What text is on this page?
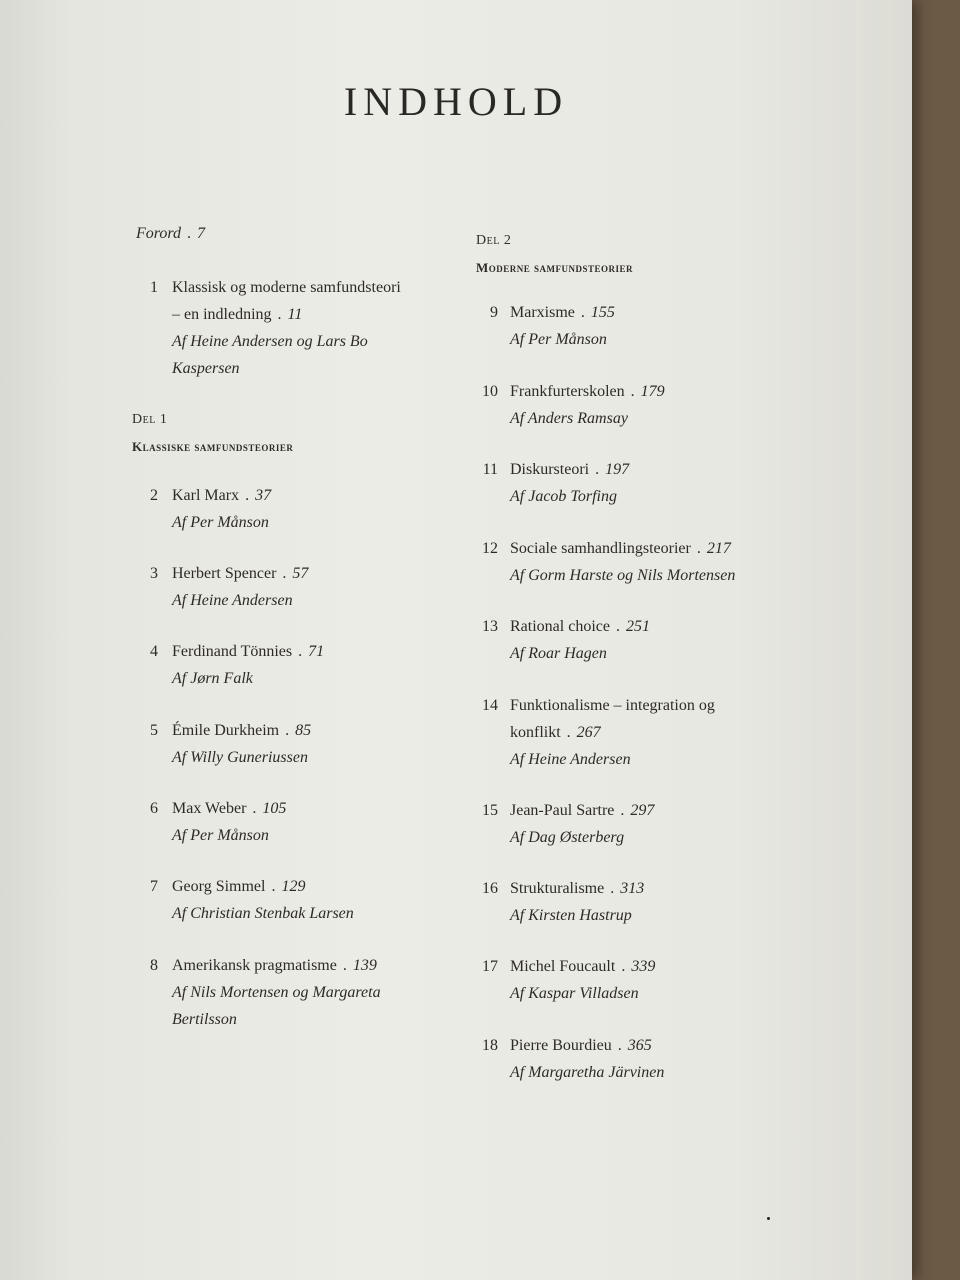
INDHOLD
Forord . 7
1 Klassisk og moderne samfundsteori
– en indledning . 11
Af Heine Andersen og Lars Bo
Kaspersen
Del 1
Klassiske samfundsteorier
2 Karl Marx . 37
Af Per Månson
3 Herbert Spencer . 57
Af Heine Andersen
4 Ferdinand Tönnies . 71
Af Jørn Falk
5 Émile Durkheim . 85
Af Willy Guneriussen
6 Max Weber . 105
Af Per Månson
7 Georg Simmel . 129
Af Christian Stenbak Larsen
8 Amerikansk pragmatisme . 139
Af Nils Mortensen og Margareta
Bertilsson
Del 2
Moderne samfundsteorier
9 Marxisme . 155
Af Per Månson
10 Frankfurterskolen . 179
Af Anders Ramsay
11 Diskursteori . 197
Af Jacob Torfing
12 Sociale samhandlingsteorier . 217
Af Gorm Harste og Nils Mortensen
13 Rational choice . 251
Af Roar Hagen
14 Funktionalisme – integration og
konflikt . 267
Af Heine Andersen
15 Jean-Paul Sartre . 297
Af Dag Østerberg
16 Strukturalisme . 313
Af Kirsten Hastrup
17 Michel Foucault . 339
Af Kaspar Villadsen
18 Pierre Bourdieu . 365
Af Margaretha Järvinen
